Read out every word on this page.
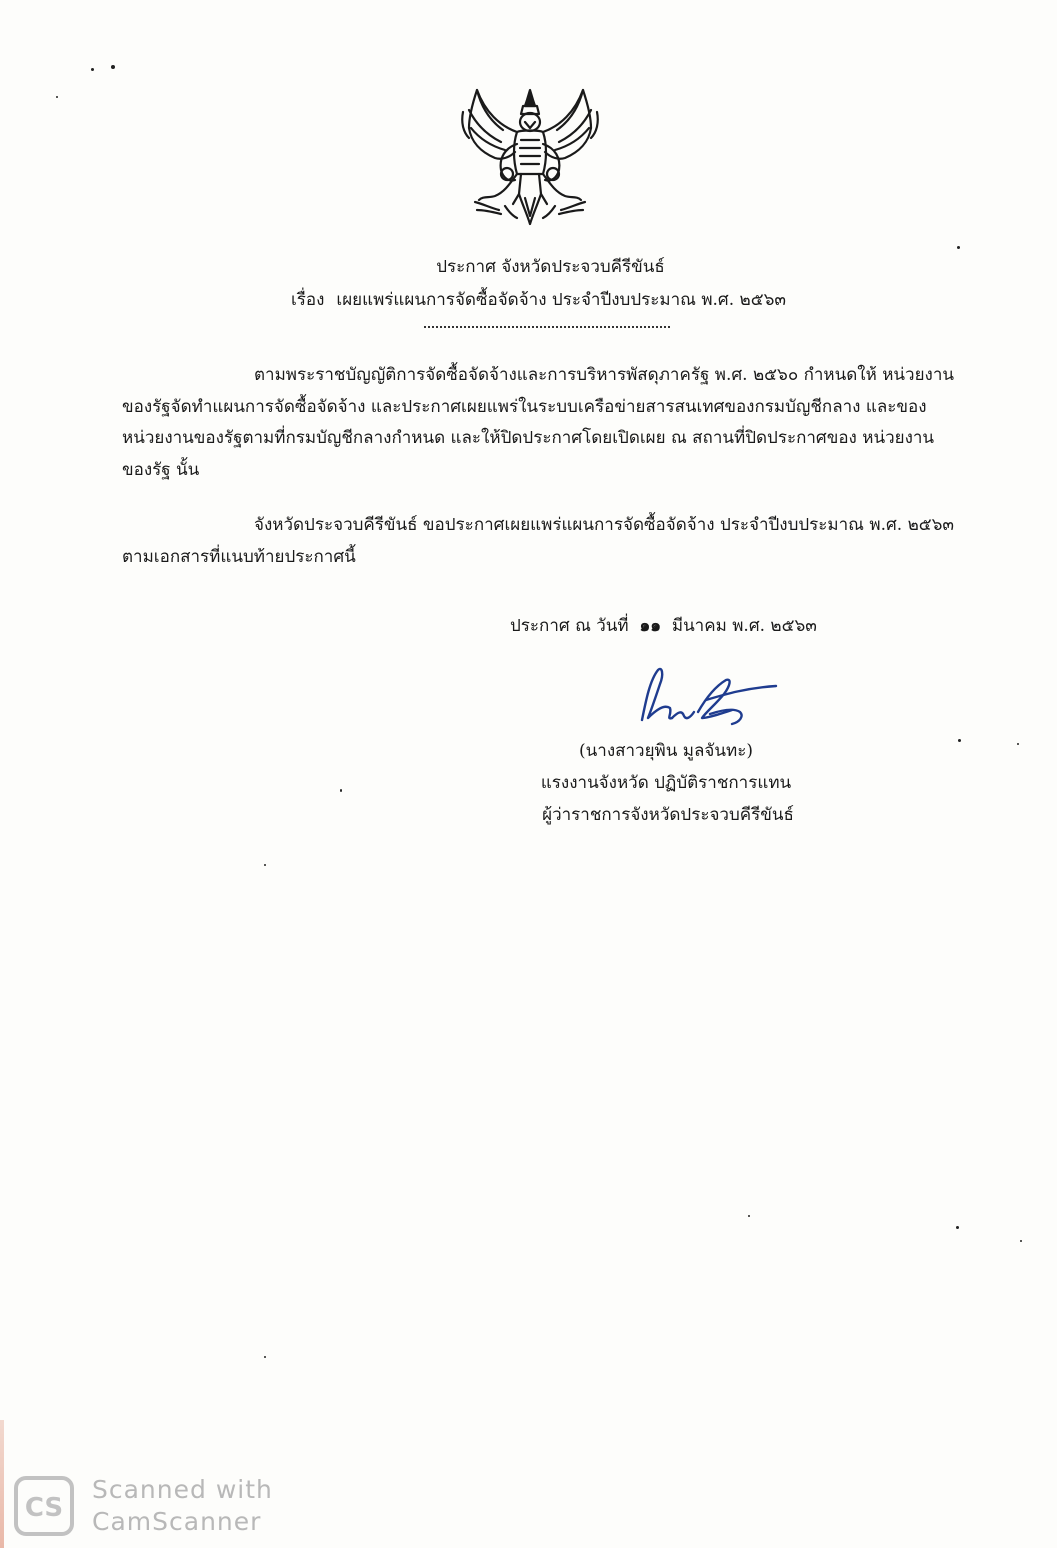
ประกาศ จังหวัดประจวบคีรีขันธ์
เรื่อง เผยแพร่แผนการจัดซื้อจัดจ้าง ประจำปีงบประมาณ พ.ศ. ๒๕๖๓
ตามพระราชบัญญัติการจัดซื้อจัดจ้างและการบริหารพัสดุภาครัฐ พ.ศ. ๒๕๖๐ กำหนดให้ หน่วยงานของรัฐจัดทำแผนการจัดซื้อจัดจ้าง และประกาศเผยแพร่ในระบบเครือข่ายสารสนเทศของกรมบัญชีกลาง และของหน่วยงานของรัฐตามที่กรมบัญชีกลางกำหนด และให้ปิดประกาศโดยเปิดเผย ณ สถานที่ปิดประกาศของ หน่วยงานของรัฐ นั้น
จังหวัดประจวบคีรีขันธ์ ขอประกาศเผยแพร่แผนการจัดซื้อจัดจ้าง ประจำปีงบประมาณ พ.ศ. ๒๕๖๓ ตามเอกสารที่แนบท้ายประกาศนี้
ประกาศ ณ วันที่ ๑๑ มีนาคม พ.ศ. ๒๕๖๓
(นางสาวยุพิน มูลจันทะ)
แรงงานจังหวัด ปฏิบัติราชการแทน
ผู้ว่าราชการจังหวัดประจวบคีรีขันธ์
CS
Scanned with
CamScanner
